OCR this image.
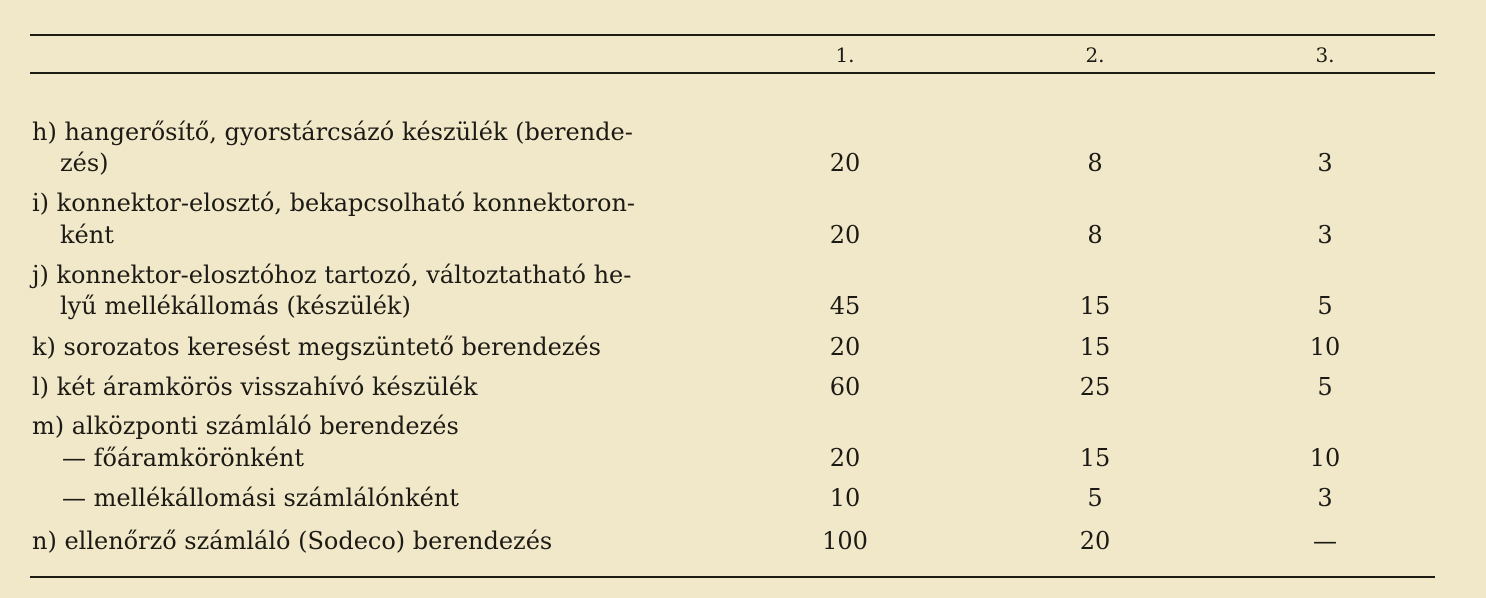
1.	2.	3.
h) hangerősítő, gyorstárcsázó készülék (berende-
zés)	20	8	3
i) konnektor-elosztó, bekapcsolható konnektoron-
ként	20	8	3
j) konnektor-elosztóhoz tartozó, változtatható he-
lyű mellékállomás (készülék)	45	15	5
k) sorozatos keresést megszüntető berendezés	20	15	10
l) két áramkörös visszahívó készülék	60	25	5
m) alközponti számláló berendezés
— főáramkörönként	20	15	10
— mellékállomási számlálónként	10	5	3
n) ellenőrző számláló (Sodeco) berendezés	100	20	—
